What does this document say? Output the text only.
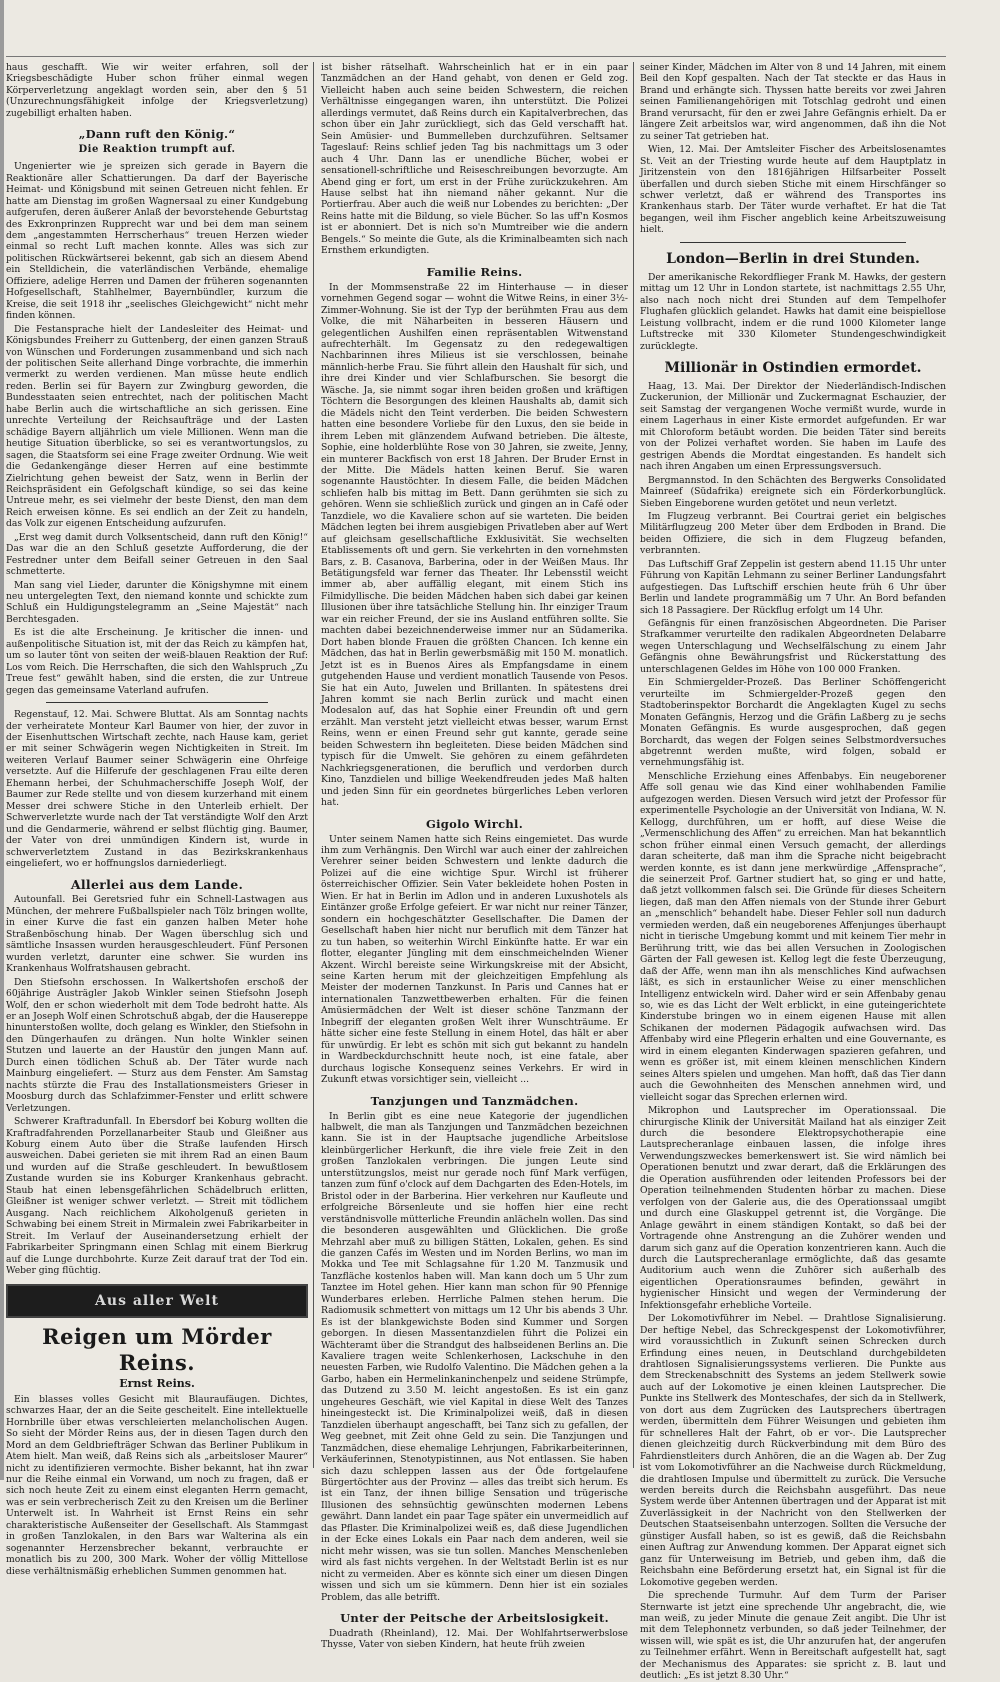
haus geschafft. Wie wir weiter erfahren, soll der Kriegsbeschädigte Huber schon früher einmal wegen Körperverletzung angeklagt worden sein, aber den § 51 (Unzurechnungsfähigkeit infolge der Kriegsverletzung) zugebilligt erhalten haben.

„Dann ruft den König.“
Die Reaktion trumpft auf.

Ungenierter wie je spreizen sich gerade in Bayern die Reaktionäre aller Schattierungen. Da darf der Bayerische Heimat- und Königsbund mit seinen Getreuen nicht fehlen. Er hatte am Dienstag im großen Wagnersaal zu einer Kundgebung aufgerufen, deren äußerer Anlaß der bevorstehende Geburtstag des Exkronprinzen Rupprecht war und bei dem man seinem dem „angestammten Herrscherhaus“ treuen Herzen wieder einmal so recht Luft machen konnte. Alles was sich zur politischen Rückwärtserei bekennt, gab sich an diesem Abend ein Stelldichein, die vaterländischen Verbände, ehemalige Offiziere, adelige Herren und Damen der früheren sogenannten Hofgesellschaft, Stahlhelmer, Bayernbündler, kurzum die Kreise, die seit 1918 ihr „seelisches Gleichgewicht“ nicht mehr finden können.

Die Festansprache hielt der Landesleiter des Heimat- und Königsbundes Freiherr zu Guttenberg, der einen ganzen Strauß von Wünschen und Forderungen zusammenband und sich nach der politischen Seite allerhand Dinge vorbrachte, die immerhin vermerkt zu werden verdienen. Man müsse heute endlich reden. Berlin sei für Bayern zur Zwingburg geworden, die Bundesstaaten seien entrechtet, nach der politischen Macht habe Berlin auch die wirtschaftliche an sich gerissen. Eine unrechte Verteilung der Reichsaufträge und der Lasten schädige Bayern alljährlich um viele Millionen. Wenn man die heutige Situation überblicke, so sei es verantwortungslos, zu sagen, die Staatsform sei eine Frage zweiter Ordnung. Wie weit die Gedankengänge dieser Herren auf eine bestimmte Zielrichtung gehen beweist der Satz, wenn in Berlin der Reichspräsident ein Gefolgschaft kündige, so sei das keine Untreue mehr, es sei vielmehr der beste Dienst, den man dem Reich erweisen könne. Es sei endlich an der Zeit zu handeln, das Volk zur eigenen Entscheidung aufzurufen.

„Erst weg damit durch Volksentscheid, dann ruft den König!“ Das war die an den Schluß gesetzte Aufforderung, die der Festredner unter dem Beifall seiner Getreuen in den Saal schmetterte.

Man sang viel Lieder, darunter die Königshymne mit einem neu untergelegten Text, den niemand konnte und schickte zum Schluß ein Huldigungstelegramm an „Seine Majestät“ nach Berchtesgaden.

Es ist die alte Erscheinung. Je kritischer die innen- und außenpolitische Situation ist, mit der das Reich zu kämpfen hat, um so lauter tönt von seiten der weiß-blauen Reaktion der Ruf: Los vom Reich. Die Herrschaften, die sich den Wahlspruch „Zu Treue fest“ gewählt haben, sind die ersten, die zur Untreue gegen das gemeinsame Vaterland aufrufen.

Regenstauf, 12. Mai. Schwere Bluttat. Als am Sonntag nachts der verheiratete Monteur Karl Baumer von hier, der zuvor in der Eisenhuttschen Wirtschaft zechte, nach Hause kam, geriet er mit seiner Schwägerin wegen Nichtigkeiten in Streit. Im weiteren Verlauf Baumer seiner Schwägerin eine Ohrfeige versetzte. Auf die Hilferufe der geschlagenen Frau eilte deren Ehemann herbei, der Schuhmacherschiffe Joseph Wolf, der Baumer zur Rede stellte und von diesem kurzerhand mit einem Messer drei schwere Stiche in den Unterleib erhielt. Der Schwerverletzte wurde nach der Tat verständigte Wolf den Arzt und die Gendarmerie, während er selbst flüchtig ging. Baumer, der Vater von drei unmündigen Kindern ist, wurde in schwerverletztem Zustand in das Bezirkskrankenhaus eingeliefert, wo er hoffnungslos darniederliegt.

Allerlei aus dem Lande.

Autounfall. Bei Geretsried fuhr ein Schnell-Lastwagen aus München, der mehrere Fußballspieler nach Tölz bringen wollte, in einer Kurve die fast ein ganzen halben Meter hohe Straßenböschung hinab. Der Wagen überschlug sich und sämtliche Insassen wurden herausgeschleudert. Fünf Personen wurden verletzt, darunter eine schwer. Sie wurden ins Krankenhaus Wolfratshausen gebracht.

Den Stiefsohn erschossen. In Walkertshofen erschoß der 60jährige Austrägler Jakob Winkler seinen Stiefsohn Joseph Wolf, den er schon wiederholt mit dem Tode bedroht hatte. Als er an Joseph Wolf einen Schrotschuß abgab, der die Hausereppe hinunterstoßen wollte, doch gelang es Winkler, den Stiefsohn in den Düngerhaufen zu drängen. Nun holte Winkler seinen Stutzen und lauerte an der Haustür den jungen Mann auf. Durch einen tödlichen Schuß ab. Der Täter wurde nach Mainburg eingeliefert. — Sturz aus dem Fenster. Am Samstag nachts stürzte die Frau des Installationsmeisters Grieser in Moosburg durch das Schlafzimmer-Fenster und erlitt schwere Verletzungen.

Schwerer Kraftradunfall. In Ebersdorf bei Koburg wollten die Kraftradfahrenden Porzellanarbeiter Staub und Gleißner aus Koburg einem Auto über die Straße laufenden Hirsch ausweichen. Dabei gerieten sie mit ihrem Rad an einen Baum und wurden auf die Straße geschleudert. In bewußtlosem Zustande wurden sie ins Koburger Krankenhaus gebracht. Staub hat einen lebensgefährlichen Schädelbruch erlitten, Gleißner ist weniger schwer verletzt. — Streit mit tödlichem Ausgang. Nach reichlichem Alkoholgenuß gerieten in Schwabing bei einem Streit in Mirmalein zwei Fabrikarbeiter in Streit. Im Verlauf der Auseinandersetzung erhielt der Fabrikarbeiter Springmann einen Schlag mit einem Bierkrug auf die Lunge durchbohrte. Kurze Zeit darauf trat der Tod ein. Weber ging flüchtig.

Aus aller Welt
Reigen um Mörder Reins.
Ernst Reins.

Ein blasses volles Gesicht mit Blauraufäugen. Dichtes, schwarzes Haar, der an die Seite gescheitelt. Eine intellektuelle Hornbrille über etwas verschleierten melancholischen Augen. So sieht der Mörder Reins aus, der in diesen Tagen durch den Mord an dem Geldbriefträger Schwan das Berliner Publikum in Atem hielt. Man weiß, daß Reins sich als „arbeitsloser Maurer“ nicht zu identifizieren vermochte. Bisher bekannt, hat ihn zwar nur die Reihe einmal ein Vorwand, um noch zu fragen, daß er sich noch heute Zeit zu einem einst eleganten Herrn gemacht, was er sein verbrecherisch Zeit zu den Kreisen um die Berliner Unterwelt ist. In Wahrheit ist Ernst Reins ein sehr charakteristische Außenseiter der Gesellschaft. Als Stammgast in großen Tanzlokalen, in den Bars war Walterina als ein sogenannter Herzensbrecher bekannt, verbrauchte er monatlich bis zu 200, 300 Mark. Woher der völlig Mittellose diese verhältnismäßig erheblichen Summen genommen hat.

ist bisher rätselhaft. Wahrscheinlich hat er in ein paar Tanzmädchen an der Hand gehabt, von denen er Geld zog. Vielleicht haben auch seine beiden Schwestern, die reichen Verhältnisse eingegangen waren, ihn unterstützt. Die Polizei allerdings vermutet, daß Reins durch ein Kapitalverbrechen, das schon über ein Jahr zurückliegt, sich das Geld verschafft hat. Sein Amüsier- und Bummelleben durchzuführen. Seltsamer Tageslauf: Reins schlief jeden Tag bis nachmittags um 3 oder auch 4 Uhr. Dann las er unendliche Bücher, wobei er sensationell-schriftliche und Reiseschreibungen bevorzugte. Am Abend ging er fort, um erst in der Frühe zurückzukehren. Am Hause selbst hat ihn niemand näher gekannt. Nur die Portierfrau. Aber auch die weiß nur Lobendes zu berichten: „Der Reins hatte mit die Bildung, so viele Bücher. So las uff'n Kosmos ist er abonniert. Det is nich so'n Mumtreiber wie die andern Bengels.“ So meinte die Gute, als die Kriminalbeamten sich nach Ernsthem erkundigten.

Familie Reins.

In der Mommsenstraße 22 im Hinterhause — in dieser vornehmen Gegend sogar — wohnt die Witwe Reins, in einer 3½-Zimmer-Wohnung. Sie ist der Typ der berühmten Frau aus dem Volke, die mit Näharbeiten in besseren Häusern und gelegentlichen Aushilfen einen repräsentablen Witwenstand aufrechterhält. Im Gegensatz zu den redegewaltigen Nachbarinnen ihres Milieus ist sie verschlossen, beinahe männlich-herbe Frau. Sie führt allein den Haushalt für sich, und ihre drei Kinder und vier Schlafburschen. Sie besorgt die Wäsche. Ja, sie nimmt sogar ihren beiden großen und kräftigen Töchtern die Besorgungen des kleinen Haushalts ab, damit sich die Mädels nicht den Teint verderben. Die beiden Schwestern hatten eine besondere Vorliebe für den Luxus, den sie beide in ihrem Leben mit glänzendem Aufwand betrieben. Die älteste, Sophie, eine holderblühte Rose von 30 Jahren, sie zweite, Jenny, ein munterer Backfisch von erst 18 Jahren. Der Bruder Ernst in der Mitte. Die Mädels hatten keinen Beruf. Sie waren sogenannte Haustöchter. In diesem Falle, die beiden Mädchen schliefen halb bis mittag im Bett. Dann gerühmten sie sich zu gehören. Wenn sie schließlich zurück und gingen an in Café oder Tanzdiele, wo die Kavaliere schon auf sie warteten. Die beiden Mädchen legten bei ihrem ausgiebigen Privatleben aber auf Wert auf gleichsam gesellschaftliche Exklusivität. Sie wechselten Etablissements oft und gern. Sie verkehrten in den vornehmsten Bars, z. B. Casanova, Barberina, oder in der Weißen Maus. Ihr Betätigungsfeld war ferner das Theater. Ihr Lebensstil weicht immer ab, aber auffällig elegant, mit einem Stich ins Filmidyllische. Die beiden Mädchen haben sich dabei gar keinen Illusionen über ihre tatsächliche Stellung hin. Ihr einziger Traum war ein reicher Freund, der sie ins Ausland entführen sollte. Sie machten dabei bezeichnenderweise immer nur an Südamerika. Dort haben blonde Frauen die größten Chancen. Ich kenne ein Mädchen, das hat in Berlin gewerbsmäßig mit 150 M. monatlich. Jetzt ist es in Buenos Aires als Empfangsdame in einem gutgehenden Hause und verdient monatlich Tausende von Pesos. Sie hat ein Auto, Juwelen und Brillanten. In spätestens drei Jahren kommt sie nach Berlin zurück und macht einen Modesalon auf, das hat Sophie einer Freundin oft und gern erzählt. Man versteht jetzt vielleicht etwas besser, warum Ernst Reins, wenn er einen Freund sehr gut kannte, gerade seine beiden Schwestern ihn begleiteten. Diese beiden Mädchen sind typisch für die Umwelt. Sie gehören zu einem gefährdeten Nachkriegsgenerationen, die beruflich und verdorben durch Kino, Tanzdielen und billige Weekendfreuden jedes Maß halten und jeden Sinn für ein geordnetes bürgerliches Leben verloren hat.

Gigolo Wirchl.

Unter seinem Namen hatte sich Reins eingemietet. Das wurde ihm zum Verhängnis. Den Wirchl war auch einer der zahlreichen Verehrer seiner beiden Schwestern und lenkte dadurch die Polizei auf die eine wichtige Spur. Wirchl ist früherer österreichischer Offizier. Sein Vater bekleidete hohen Posten in Wien. Er hat in Berlin im Adlon und in anderen Luxushotels als Eintänzer große Erfolge gefeiert. Er war nicht nur reiner Tänzer, sondern ein hochgeschätzter Gesellschafter. Die Damen der Gesellschaft haben hier nicht nur beruflich mit dem Tänzer hat zu tun haben, so weiterhin Wirchl Einkünfte hatte. Er war ein flotter, eleganter Jüngling mit dem einschmeichelnden Wiener Akzent. Wirchl bereiste seine Wirkungskreise mit der Absicht, seine Karten herum mit der gleichzeitigen Empfehlung als Meister der modernen Tanzkunst. In Paris und Cannes hat er internationalen Tanzwettbewerben erhalten. Für die feinen Amüsiermädchen der Welt ist dieser schöne Tanzmann der Inbegriff der eleganten großen Welt ihrer Wunschträume. Er hätte sicher eine feste Stellung in einem Hotel, das hält er aber für unwürdig. Er lebt es schön mit sich gut bekannt zu handeln in Wardbeckdurchschnitt heute noch, ist eine fatale, aber durchaus logische Konsequenz seines Verkehrs. Er wird in Zukunft etwas vorsichtiger sein, vielleicht ...

Tanzjungen und Tanzmädchen.

In Berlin gibt es eine neue Kategorie der jugendlichen halbwelt, die man als Tanzjungen und Tanzmädchen bezeichnen kann. Sie ist in der Hauptsache jugendliche Arbeitslose kleinbürgerlicher Herkunft, die ihre viele freie Zeit in den großen Tanzlokalen verbringen. Die jungen Leute sind unterstützungslos, meist nur gerade noch fünf Mark verfügen, tanzen zum fünf o'clock auf dem Dachgarten des Eden-Hotels, im Bristol oder in der Barberina. Hier verkehren nur Kaufleute und erfolgreiche Börsenleute und sie hoffen hier eine recht verständnisvolle mütterliche Freundin anlächeln wollen. Das sind die besonderen ausgewählten und Glücklichen. Die große Mehrzahl aber muß zu billigen Stätten, Lokalen, gehen. Es sind die ganzen Cafés im Westen und im Norden Berlins, wo man im Mokka und Tee mit Schlagsahne für 1.20 M. Tanzmusik und Tanzfläche kostenlos haben will. Man kann doch um 5 Uhr zum Tanztee im Hotel gehen. Hier kann man schon für 90 Pfennige Wunderbares erleben. Herrliche Palmen stehen herum. Die Radiomusik schmettert von mittags um 12 Uhr bis abends 3 Uhr. Es ist der blankgewichste Boden sind Kummer und Sorgen geborgen. In diesen Massentanzdielen führt die Polizei ein Wächteramt über die Strandgut des halbseidenen Berlins an. Die Kavaliere tragen weite Schlenkerhosen, Lackschuhe in den neuesten Farben, wie Rudolfo Valentino. Die Mädchen gehen a la Garbo, haben ein Hermelinkaninchenpelz und seidene Strümpfe, das Dutzend zu 3.50 M. leicht angestoßen. Es ist ein ganz ungeheures Geschäft, wie viel Kapital in diese Welt des Tanzes hineingesteckt ist. Die Kriminalpolizei weiß, daß in diesen Tanzdielen überhaupt angeschafft, bei Tanz sich zu gefallen, der Weg geebnet, mit Zeit ohne Geld zu sein. Die Tanzjungen und Tanzmädchen, diese ehemalige Lehrjungen, Fabrikarbeiterinnen, Verkäuferinnen, Stenotypistinnen, aus Not entlassen. Sie haben sich dazu schleppen lassen aus der Öde fortgelaufene Bürgertöchter aus der Provinz — alles das treibt sich herum. Es ist ein Tanz, der ihnen billige Sensation und trügerische Illusionen des sehnsüchtig gewünschten modernen Lebens gewährt. Dann landet ein paar Tage später ein unvermeidlich auf das Pflaster. Die Kriminalpolizei weiß es, daß diese Jugendlichen in der Ecke eines Lokals ein Paar nach dem anderen, weil sie nicht mehr wissen, was sie tun sollen. Manches Menschenleben wird als fast nichts vergehen. In der Weltstadt Berlin ist es nur nicht zu vermeiden. Aber es könnte sich einer um diesen Dingen wissen und sich um sie kümmern. Denn hier ist ein soziales Problem, das alle betrifft.

Unter der Peitsche der Arbeitslosigkeit.

Duadrath (Rheinland), 12. Mai. Der Wohlfahrtserwerbslose Thysse, Vater von sieben Kindern, hat heute früh zweien

seiner Kinder, Mädchen im Alter von 8 und 14 Jahren, mit einem Beil den Kopf gespalten. Nach der Tat steckte er das Haus in Brand und erhängte sich. Thyssen hatte bereits vor zwei Jahren seinen Familienangehörigen mit Totschlag gedroht und einen Brand verursacht, für den er zwei Jahre Gefängnis erhielt. Da er längere Zeit arbeitslos war, wird angenommen, daß ihn die Not zu seiner Tat getrieben hat.

Wien, 12. Mai. Der Amtsleiter Fischer des Arbeitslosenamtes St. Veit an der Triesting wurde heute auf dem Hauptplatz in Jiritzenstein von den 1816jährigen Hilfsarbeiter Posselt überfallen und durch sieben Stiche mit einem Hirschfänger so schwer verletzt, daß er während des Transportes ins Krankenhaus starb. Der Täter wurde verhaftet. Er hat die Tat begangen, weil ihm Fischer angeblich keine Arbeitszuweisung hielt.

London—Berlin in drei Stunden.

Der amerikanische Rekordflieger Frank M. Hawks, der gestern mittag um 12 Uhr in London startete, ist nachmittags 2.55 Uhr, also nach noch nicht drei Stunden auf dem Tempelhofer Flughafen glücklich gelandet. Hawks hat damit eine beispiellose Leistung vollbracht, indem er die rund 1000 Kilometer lange Luftstrecke mit 330 Kilometer Stundengeschwindigkeit zurücklegte.

Millionär in Ostindien ermordet.

Haag, 13. Mai. Der Direktor der Niederländisch-Indischen Zuckerunion, der Millionär und Zuckermagnat Eschauzier, der seit Samstag der vergangenen Woche vermißt wurde, wurde in einem Lagerhaus in einer Kiste ermordet aufgefunden. Er war mit Chloroform betäubt worden. Die beiden Täter sind bereits von der Polizei verhaftet worden. Sie haben im Laufe des gestrigen Abends die Mordtat eingestanden. Es handelt sich nach ihren Angaben um einen Erpressungsversuch.

Bergmannstod. In den Schächten des Bergwerks Consolidated Mainreef (Südafrika) ereignete sich ein Förderkorbunglück. Sieben Eingeborene wurden getötet und neun verletzt.

Im Flugzeug verbrannt. Bei Courtrai geriet ein belgisches Militärflugzeug 200 Meter über dem Erdboden in Brand. Die beiden Offiziere, die sich in dem Flugzeug befanden, verbrannten.

Das Luftschiff Graf Zeppelin ist gestern abend 11.15 Uhr unter Führung von Kapitän Lehmann zu seiner Berliner Landungsfahrt aufgestiegen. Das Luftschiff erschien heute früh 6 Uhr über Berlin und landete programmäßig um 7 Uhr. An Bord befanden sich 18 Passagiere. Der Rückflug erfolgt um 14 Uhr.

Gefängnis für einen französischen Abgeordneten. Die Pariser Strafkammer verurteilte den radikalen Abgeordneten Delabarre wegen Unterschlagung und Wechselfälschung zu einem Jahr Gefängnis ohne Bewährungsfrist und Rückerstattung des unterschlagenen Geldes im Höhe von 100 000 Franken.

Ein Schmiergelder-Prozeß. Das Berliner Schöffengericht verurteilte im Schmiergelder-Prozeß gegen den Stadtoberinspektor Borchardt die Angeklagten Kugel zu sechs Monaten Gefängnis, Herzog und die Gräfin Laßberg zu je sechs Monaten Gefängnis. Es wurde ausgesprochen, daß gegen Borchardt, das wegen der Folgen seines Selbstmordversuches abgetrennt werden mußte, wird folgen, sobald er vernehmungsfähig ist.

Menschliche Erziehung eines Affenbabys. Ein neugeborener Affe soll genau wie das Kind einer wohlhabenden Familie aufgezogen werden. Diesen Versuch wird jetzt der Professor für experimentelle Psychologie an der Universität von Indiana, W. N. Kellogg, durchführen, um er hofft, auf diese Weise die „Vermenschlichung des Affen“ zu erreichen. Man hat bekanntlich schon früher einmal einen Versuch gemacht, der allerdings daran scheiterte, daß man ihm die Sprache nicht beigebracht werden konnte, es ist dann jene merkwürdige „Affensprache“, die seinerzeit Prof. Gartner studiert hat, so ging er und hatte, daß jetzt vollkommen falsch sei. Die Gründe für dieses Scheitern liegen, daß man den Affen niemals von der Stunde ihrer Geburt an „menschlich“ behandelt habe. Dieser Fehler soll nun dadurch vermieden werden, daß ein neugeborenes Affenjunges überhaupt nicht in tierische Umgebung kommt und mit keinem Tier mehr in Berührung tritt, wie das bei allen Versuchen in Zoologischen Gärten der Fall gewesen ist. Kellog legt die feste Überzeugung, daß der Affe, wenn man ihn als menschliches Kind aufwachsen läßt, es sich in erstaunlicher Weise zu einer menschlichen Intelligenz entwickeln wird. Daher wird er sein Affenbaby genau so, wie es das Licht der Welt erblickt, in eine guteingerichtete Kinderstube bringen wo in einem eigenen Hause mit allen Schikanen der modernen Pädagogik aufwachsen wird. Das Affenbaby wird eine Pflegerin erhalten und eine Gouvernante, es wird in einem eleganten Kinderwagen spazieren gefahren, und wenn es größer ist, mit einem kleinen menschlichen Kindern seines Alters spielen und umgehen. Man hofft, daß das Tier dann auch die Gewohnheiten des Menschen annehmen wird, und vielleicht sogar das Sprechen erlernen wird.

Mikrophon und Lautsprecher im Operationssaal. Die chirurgische Klinik der Universität Mailand hat als einziger Zeit durch die besondere Elektropsychotherapie eine Lautsprecheranlage einbauen lassen, die infolge ihres Verwendungszweckes bemerkenswert ist. Sie wird nämlich bei Operationen benutzt und zwar derart, daß die Erklärungen des die Operation ausführenden oder leitenden Professors bei der Operation teilnehmenden Studenten hörbar zu machen. Diese verfolgen von der Galerie aus, die des Operationssaal umgibt und durch eine Glaskuppel getrennt ist, die Vorgänge. Die Anlage gewährt in einem ständigen Kontakt, so daß bei der Vortragende ohne Anstrengung an die Zuhörer wenden und darum sich ganz auf die Operation konzentrieren kann. Auch die durch die Lautsprecheranlage ermöglichte, daß das gesamte Auditorium auch wenn die Zuhörer sich außerhalb des eigentlichen Operationsraumes befinden, gewährt in hygienischer Hinsicht und wegen der Verminderung der Infektionsgefahr erhebliche Vorteile.

Der Lokomotivführer im Nebel. — Drahtlose Signalisierung. Der heftige Nebel, das Schreckgespenst der Lokomotivführer, wird voraussichtlich in Zukunft seinen Schrecken durch Erfindung eines neuen, in Deutschland durchgebildeten drahtlosen Signalisierungssystems verlieren. Die Punkte aus dem Streckenabschnitt des Systems an jedem Stellwerk sowie auch auf der Lokomotive je einen kleinen Lautsprecher. Die Punkte ins Stellwerk des Monteschafes, der sich da in Stellwerk, von dort aus dem Zugrücken des Lautsprechers übertragen werden, übermitteln dem Führer Weisungen und gebieten ihm für schnelleres Halt der Fahrt, ob er vor-. Die Lautsprecher dienen gleichzeitig durch Rückverbindung mit dem Büro des Fahrdienstleiters durch Anhören, die an die Wagen ab. Der Zug ist vom Lokomotivführer an die Nachweise durch Rückmeldung, die drahtlosen Impulse und übermittelt zu zurück. Die Versuche werden bereits durch die Reichsbahn ausgeführt. Das neue System werde über Antennen übertragen und der Apparat ist mit Zuverlässigkeit in der Nachricht von den Stellwerken der Deutschen Staatseisenbahn unterzogen. Sollten die Versuche der günstiger Ausfall haben, so ist es gewiß, daß die Reichsbahn einen Auftrag zur Anwendung kommen. Der Apparat eignet sich ganz für Unterweisung im Betrieb, und geben ihm, daß die Reichsbahn eine Beförderung ersetzt hat, ein Signal ist für die Lokomotive gegeben werden.

Die sprechende Turmuhr. Auf dem Turm der Pariser Sternwarte ist jetzt eine sprechende Uhr angebracht, die, wie man weiß, zu jeder Minute die genaue Zeit angibt. Die Uhr ist mit dem Telephonnetz verbunden, so daß jeder Teilnehmer, der wissen will, wie spät es ist, die Uhr anzurufen hat, der angerufen zu Teilnehmer erfährt. Wenn in Bereitschaft aufgestellt hat, sagt der Mechanismus des Apparates: sie spricht z. B. laut und deutlich: „Es ist jetzt 8.30 Uhr.“
